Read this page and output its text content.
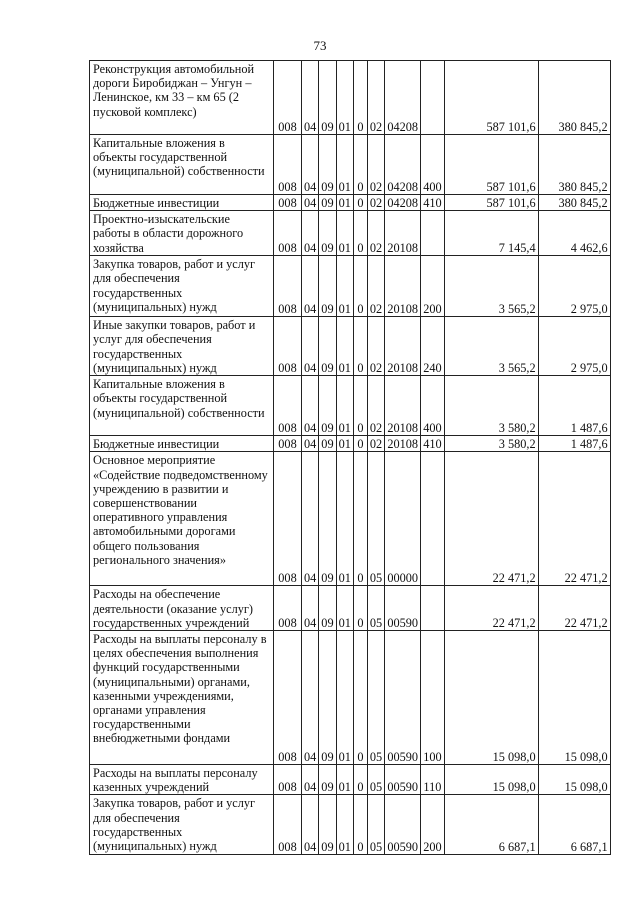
73
Реконструкция автомобильной дороги Биробиджан – Унгун – Ленинское, км 33 – км 65 (2 пусковой комплекс)	008	04	09	01	0	02	04208		587 101,6	380 845,2
Капитальные вложения в объекты государственной (муниципальной) собственности	008	04	09	01	0	02	04208	400	587 101,6	380 845,2
Бюджетные инвестиции	008	04	09	01	0	02	04208	410	587 101,6	380 845,2
Проектно-изыскательские работы в области дорожного хозяйства	008	04	09	01	0	02	20108		7 145,4	4 462,6
Закупка товаров, работ и услуг для обеспечения государственных (муниципальных) нужд	008	04	09	01	0	02	20108	200	3 565,2	2 975,0
Иные закупки товаров, работ и услуг для обеспечения государственных (муниципальных) нужд	008	04	09	01	0	02	20108	240	3 565,2	2 975,0
Капитальные вложения в объекты государственной (муниципальной) собственности	008	04	09	01	0	02	20108	400	3 580,2	1 487,6
Бюджетные инвестиции	008	04	09	01	0	02	20108	410	3 580,2	1 487,6
Основное мероприятие «Содействие подведомственному учреждению в развитии и совершенствовании оперативного управления автомобильными дорогами общего пользования регионального значения»	008	04	09	01	0	05	00000		22 471,2	22 471,2
Расходы на обеспечение деятельности (оказание услуг) государственных учреждений	008	04	09	01	0	05	00590		22 471,2	22 471,2
Расходы на выплаты персоналу в целях обеспечения выполнения функций государственными (муниципальными) органами, казенными учреждениями, органами управления государственными внебюджетными фондами	008	04	09	01	0	05	00590	100	15 098,0	15 098,0
Расходы на выплаты персоналу казенных учреждений	008	04	09	01	0	05	00590	110	15 098,0	15 098,0
Закупка товаров, работ и услуг для обеспечения государственных (муниципальных) нужд	008	04	09	01	0	05	00590	200	6 687,1	6 687,1
